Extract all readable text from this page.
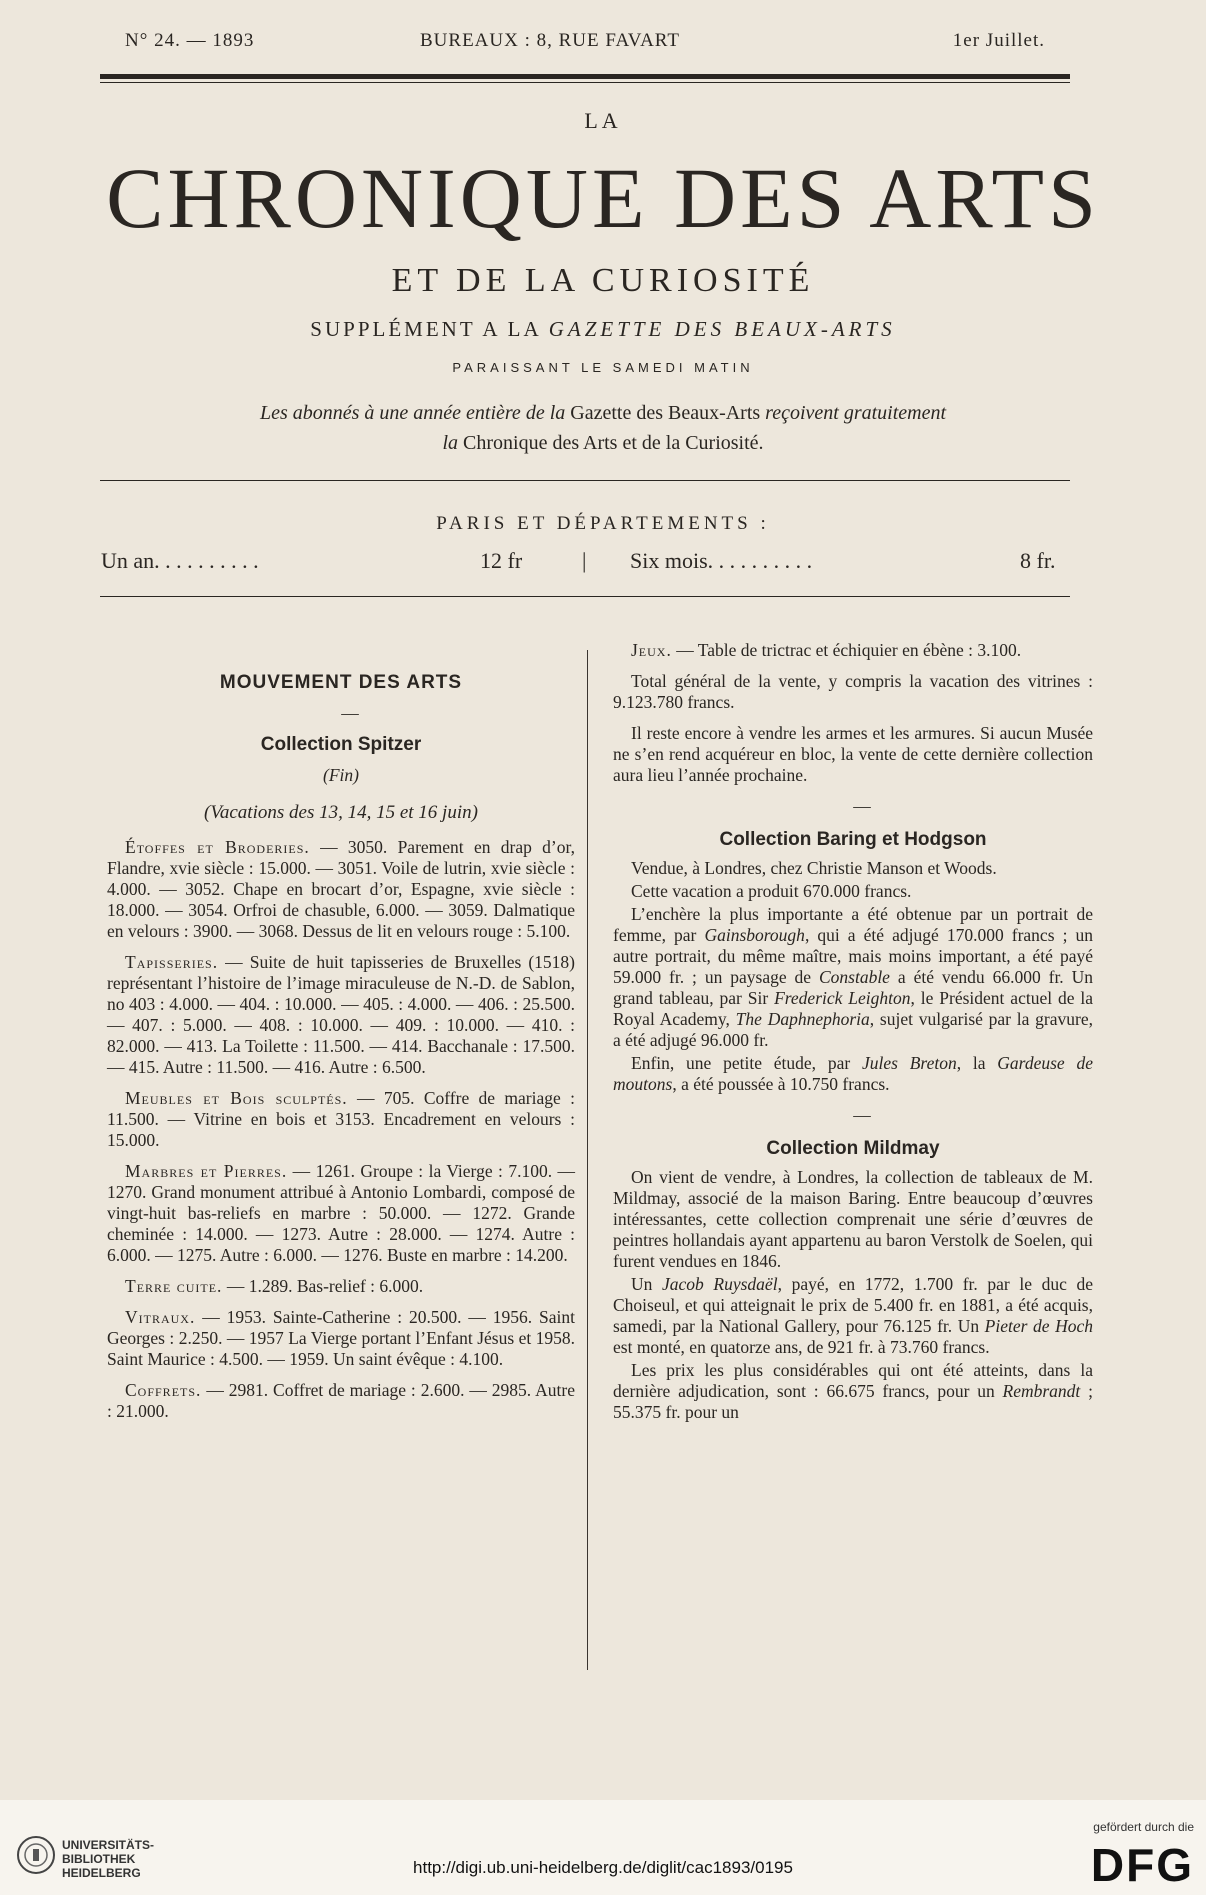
N° 24. — 1893	BUREAUX : 8, RUE FAVART	1er Juillet.
LA
CHRONIQUE DES ARTS
ET DE LA CURIOSITÉ
SUPPLÉMENT A LA GAZETTE DES BEAUX-ARTS
PARAISSANT LE SAMEDI MATIN
Les abonnés à une année entière de la Gazette des Beaux-Arts reçoivent gratuitement
la Chronique des Arts et de la Curiosité.
PARIS ET DÉPARTEMENTS :
Un an. . . . . . . . . .	12 fr	| Six mois. . . . . . . . . .	8 fr.
MOUVEMENT DES ARTS

—

Collection Spitzer

(Fin)

(Vacations des 13, 14, 15 et 16 juin)

Étoffes et Broderies. — 3050. Parement en drap d’or, Flandre, xvie siècle : 15.000. — 3051. Voile de lutrin, xvie siècle : 4.000. — 3052. Chape en brocart d’or, Espagne, xvie siècle : 18.000. — 3054. Orfroi de chasuble, 6.000. — 3059. Dalmatique en velours : 3900. — 3068. Dessus de lit en velours rouge : 5.100.

Tapisseries. — Suite de huit tapisseries de Bruxelles (1518) représentant l’histoire de l’image miraculeuse de N.-D. de Sablon, no 403 : 4.000. — 404. : 10.000. — 405. : 4.000. — 406. : 25.500. — 407. : 5.000. — 408. : 10.000. — 409. : 10.000. — 410. : 82.000. — 413. La Toilette : 11.500. — 414. Bacchanale : 17.500. — 415. Autre : 11.500. — 416. Autre : 6.500.

Meubles et Bois sculptés. — 705. Coffre de mariage : 11.500. — Vitrine en bois et 3153. Encadrement en velours : 15.000.

Marbres et Pierres. — 1261. Groupe : la Vierge : 7.100. — 1270. Grand monument attribué à Antonio Lombardi, composé de vingt-huit bas-reliefs en marbre : 50.000. — 1272. Grande cheminée : 14.000. — 1273. Autre : 28.000. — 1274. Autre : 6.000. — 1275. Autre : 6.000. — 1276. Buste en marbre : 14.200.

Terre cuite. — 1.289. Bas-relief : 6.000.

Vitraux. — 1953. Sainte-Catherine : 20.500. — 1956. Saint Georges : 2.250. — 1957 La Vierge portant l’Enfant Jésus et 1958. Saint Maurice : 4.500. — 1959. Un saint évêque : 4.100.

Coffrets. — 2981. Coffret de mariage : 2.600. — 2985. Autre : 21.000.

Jeux. — Table de trictrac et échiquier en ébène : 3.100.

Total général de la vente, y compris la vacation des vitrines : 9.123.780 francs.

Il reste encore à vendre les armes et les armures. Si aucun Musée ne s’en rend acquéreur en bloc, la vente de cette dernière collection aura lieu l’année prochaine.

—

Collection Baring et Hodgson

Vendue, à Londres, chez Christie Manson et Woods.

Cette vacation a produit 670.000 francs.

L’enchère la plus importante a été obtenue par un portrait de femme, par Gainsborough, qui a été adjugé 170.000 francs ; un autre portrait, du même maître, mais moins important, a été payé 59.000 fr. ; un paysage de Constable a été vendu 66.000 fr. Un grand tableau, par Sir Frederick Leighton, le Président actuel de la Royal Academy, The Daphnephoria, sujet vulgarisé par la gravure, a été adjugé 96.000 fr.

Enfin, une petite étude, par Jules Breton, la Gardeuse de moutons, a été poussée à 10.750 francs.

—

Collection Mildmay

On vient de vendre, à Londres, la collection de tableaux de M. Mildmay, associé de la maison Baring. Entre beaucoup d’œuvres intéressantes, cette collection comprenait une série d’œuvres de peintres hollandais ayant appartenu au baron Verstolk de Soelen, qui furent vendues en 1846.

Un Jacob Ruysdaël, payé, en 1772, 1.700 fr. par le duc de Choiseul, et qui atteignait le prix de 5.400 fr. en 1881, a été acquis, samedi, par la National Gallery, pour 76.125 fr. Un Pieter de Hoch est monté, en quatorze ans, de 921 fr. à 73.760 francs.

Les prix les plus considérables qui ont été atteints, dans la dernière adjudication, sont : 66.675 francs, pour un Rembrandt ; 55.375 fr. pour un

UNIVERSITÄTS-
BIBLIOTHEK
HEIDELBERG	http://digi.ub.uni-heidelberg.de/diglit/cac1893/0195
gefördert durch die
DFG
